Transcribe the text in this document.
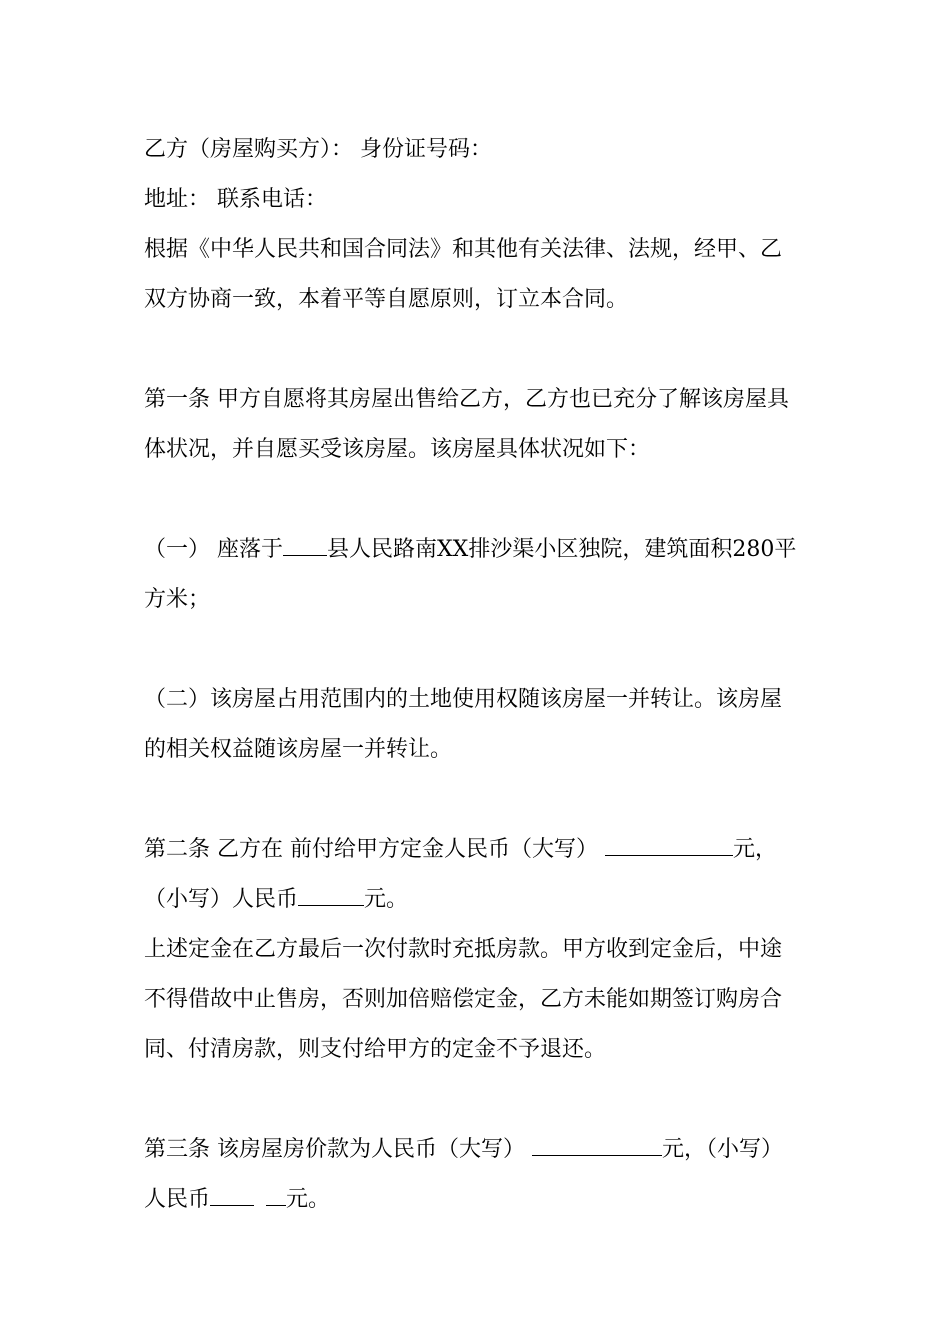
乙方（房屋购买方）： 身份证号码：
地址： 联系电话：
根据《中华人民共和国合同法》和其他有关法律、法规，经甲、乙
双方协商一致，本着平等自愿原则，订立本合同。
第一条 甲方自愿将其房屋出售给乙方，乙方也已充分了解该房屋具
体状况，并自愿买受该房屋。该房屋具体状况如下：
（一） 座落于 县人民路南XX排沙渠小区独院，建筑面积280平
方米；
（二）该房屋占用范围内的土地使用权随该房屋一并转让。该房屋
的相关权益随该房屋一并转让。
第二条 乙方在 前付给甲方定金人民币（大写）	元，
（小写）人民币	元。
上述定金在乙方最后一次付款时充抵房款。甲方收到定金后，中途
不得借故中止售房，否则加倍赔偿定金，乙方未能如期签订购房合
同、付清房款，则支付给甲方的定金不予退还。
第三条 该房屋房价款为人民币（大写）	元，（小写）
人民币	元。
